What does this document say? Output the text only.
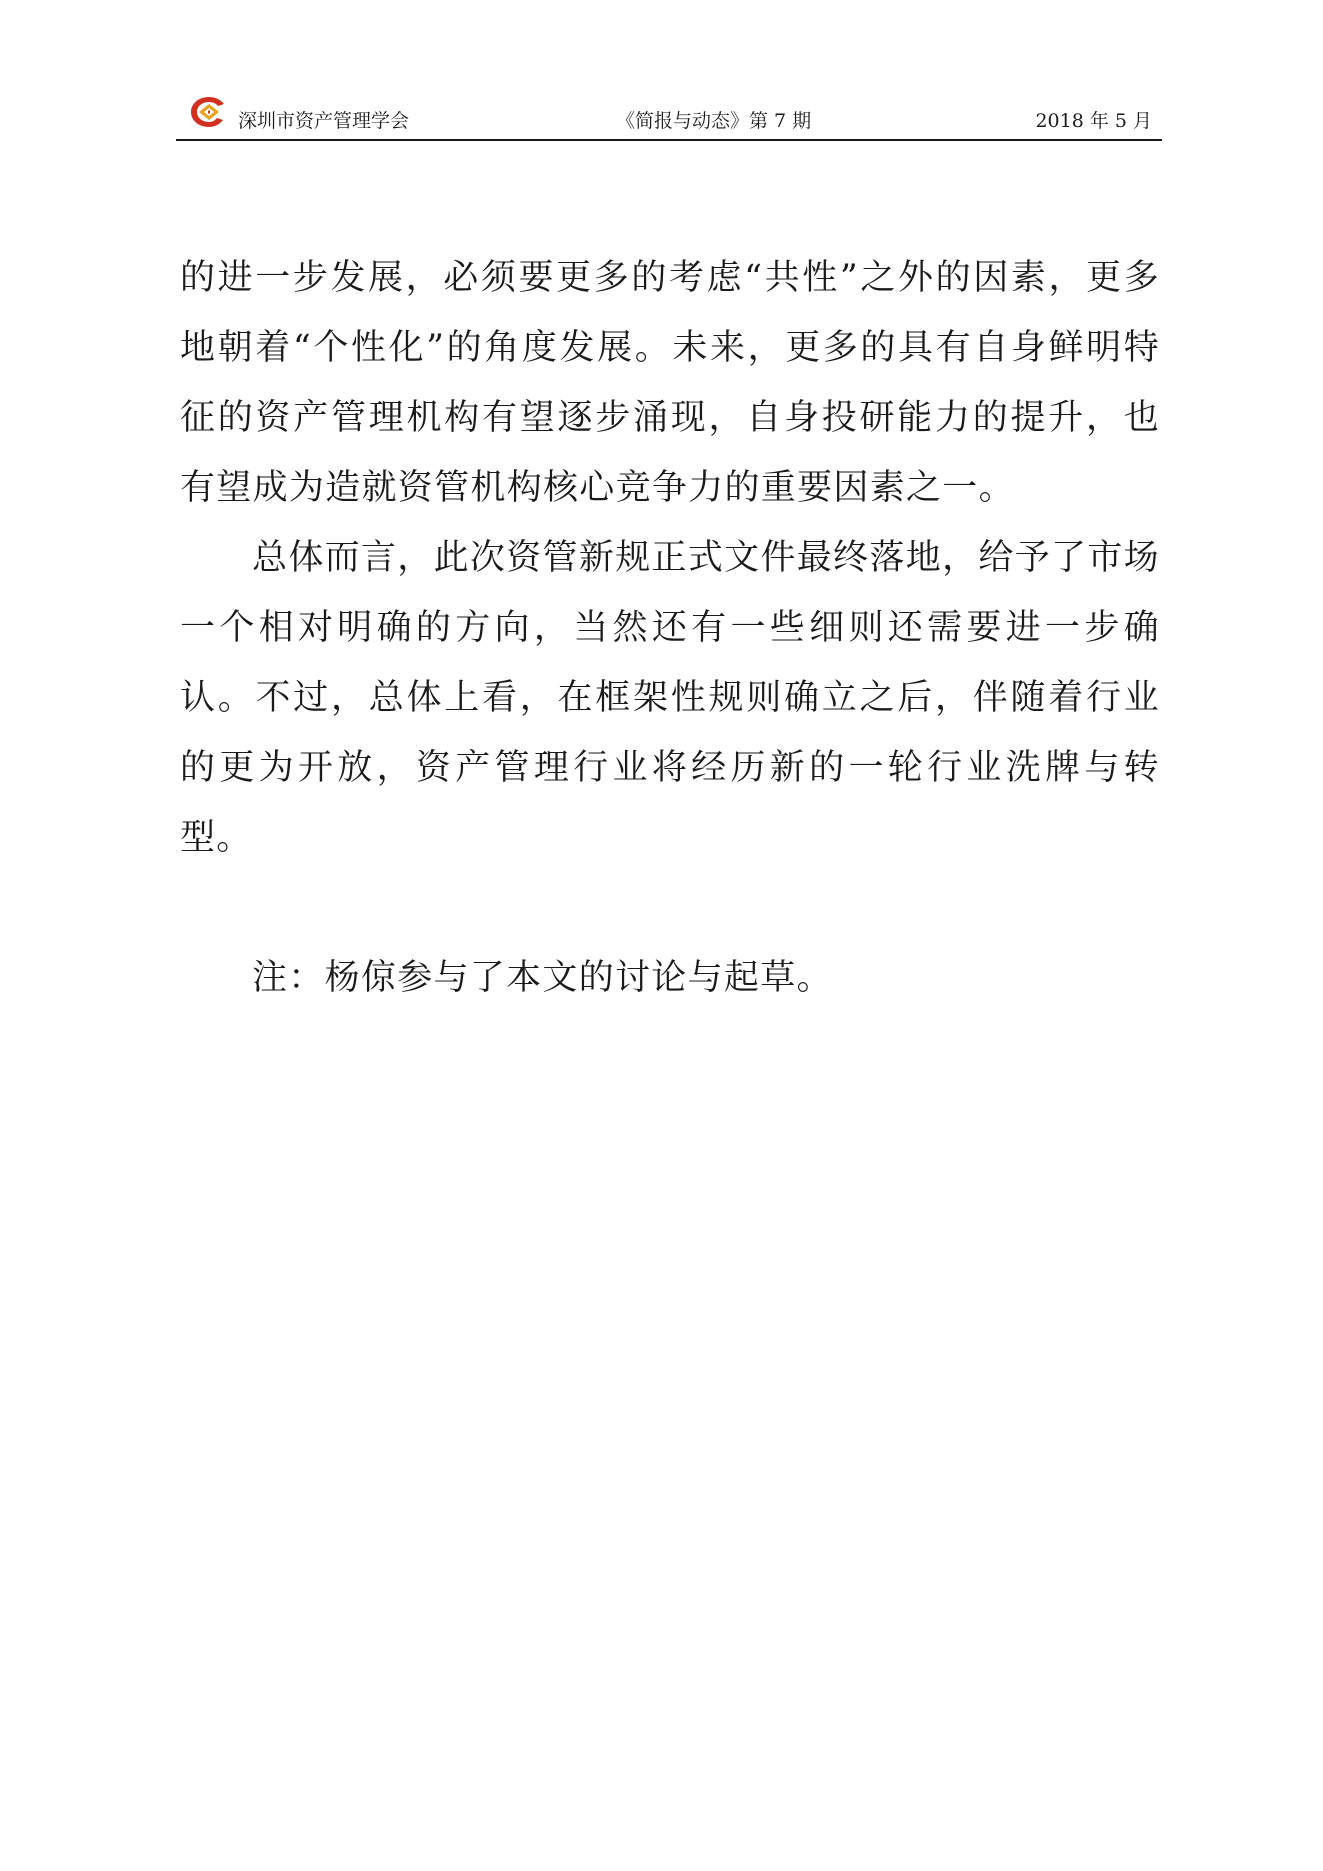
深圳市资产管理学会	《简报与动态》第 7 期	2018 年 5 月

的进一步发展，必须要更多的考虑“共性”之外的因素，更多地朝着“个性化”的角度发展。未来，更多的具有自身鲜明特征的资产管理机构有望逐步涌现，自身投研能力的提升，也有望成为造就资管机构核心竞争力的重要因素之一。

总体而言，此次资管新规正式文件最终落地，给予了市场一个相对明确的方向，当然还有一些细则还需要进一步确认。不过，总体上看，在框架性规则确立之后，伴随着行业的更为开放，资产管理行业将经历新的一轮行业洗牌与转型。

注：杨倞参与了本文的讨论与起草。
